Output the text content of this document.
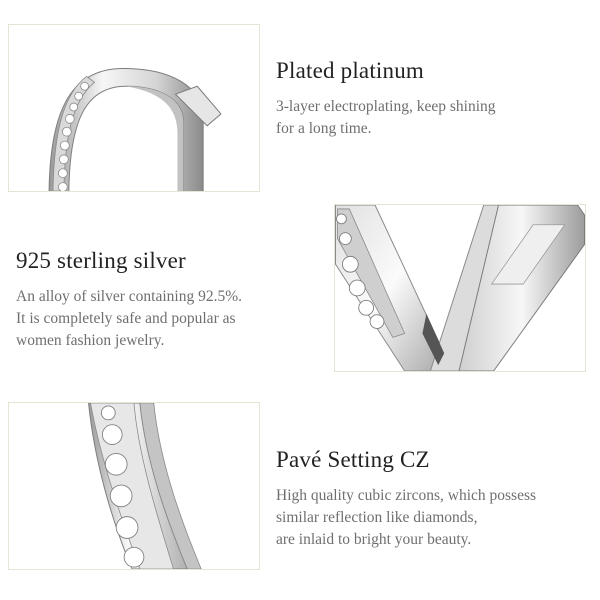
Plated platinum

3-layer electroplating, keep shining
for a long time.

925 sterling silver

An alloy of silver containing 92.5%.
It is completely safe and popular as
women fashion jewelry.

Pavé Setting CZ

High quality cubic zircons, which possess
similar reflection like diamonds,
are inlaid to bright your beauty.
